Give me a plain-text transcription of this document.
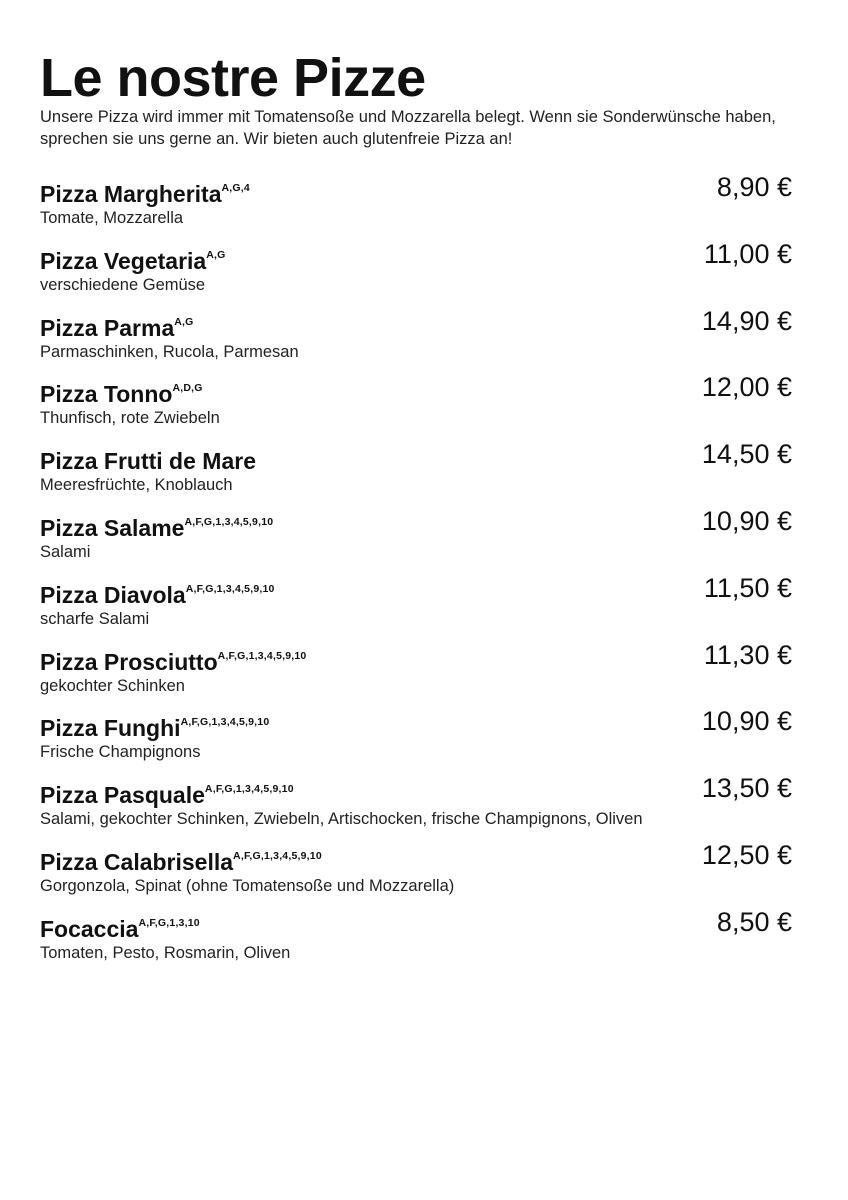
Le nostre Pizze

Unsere Pizza wird immer mit Tomatensoße und Mozzarella belegt. Wenn sie Sonderwünsche haben, sprechen sie uns gerne an. Wir bieten auch glutenfreie Pizza an!

Pizza Margherita$^{A,G,4}$
Tomate, Mozzarella
8,90 €
Pizza Vegetaria$^{A,G}$
verschiedene Gemüse
11,00 €
Pizza Parma$^{A,G}$
Parmaschinken, Rucola, Parmesan
14,90 €
Pizza Tonno$^{A,D,G}$
Thunfisch, rote Zwiebeln
12,00 €
Pizza Frutti de Mare
Meeresfrüchte, Knoblauch
14,50 €
Pizza Salame$^{A,F,G,1,3,4,5,9,10}$
Salami
10,90 €
Pizza Diavola$^{A,F,G,1,3,4,5,9,10}$
scharfe Salami
11,50 €
Pizza Prosciutto$^{A,F,G,1,3,4,5,9,10}$
gekochter Schinken
11,30 €
Pizza Funghi$^{A,F,G,1,3,4,5,9,10}$
Frische Champignons
10,90 €
Pizza Pasquale$^{A,F,G,1,3,4,5,9,10}$
Salami, gekochter Schinken, Zwiebeln, Artischocken, frische Champignons, Oliven
13,50 €
Pizza Calabrisella$^{A,F,G,1,3,4,5,9,10}$
Gorgonzola, Spinat (ohne Tomatensoße und Mozzarella)
12,50 €
Focaccia$^{A,F,G,1,3,10}$
Tomaten, Pesto, Rosmarin, Oliven
8,50 €
